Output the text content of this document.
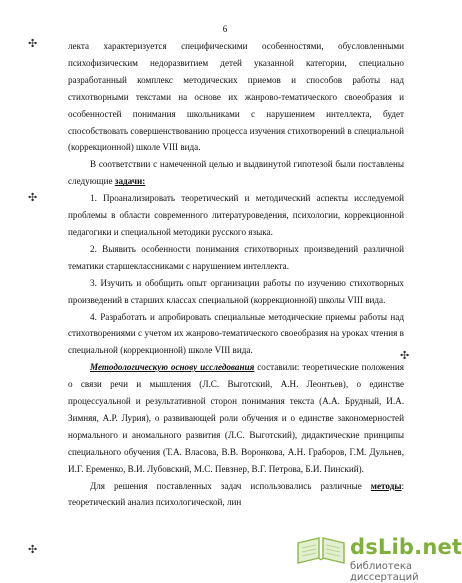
6
✣
✣
✣
✣

лекта характеризуется специфическими особенностями, обусловленными психофизическим недоразвитием детей указанной категории, специально разработанный комплекс методических приемов и способов работы над стихотворными текстами на основе их жанрово-тематического своеобразия и особенностей понимания школьниками с нарушением интеллекта, будет способствовать совершенствованию процесса изучения стихотворений в специальной (коррекционной) школе VIII вида.

В соответствии с намеченной целью и выдвинутой гипотезой были поставлены следующие задачи:

1. Проанализировать теоретический и методический аспекты исследуемой проблемы в области современного литературоведения, психологии, коррекционной педагогики и специальной методики русского языка.

2. Выявить особенности понимания стихотворных произведений различной тематики старшеклассниками с нарушением интеллекта.

3. Изучить и обобщить опыт организации работы по изучению стихотворных произведений в старших классах специальной (коррекционной) школы VIII вида.

4. Разработать и апробировать специальные методические приемы работы над стихотворениями с учетом их жанрово-тематического своеобразия на уроках чтения в специальной (коррекционной) школе VIII вида.

Методологическую основу исследования составили: теоретические положения о связи речи и мышления (Л.С. Выготский, А.Н. Леонтьев), о единстве процессуальной и результативной сторон понимания текста (А.А. Брудный, И.А. Зимняя, А.Р. Лурия), о развивающей роли обучения и о единстве закономерностей нормального и аномального развития (Л.С. Выготский), дидактические принципы специального обучения (Т.А. Власова, В.В. Воронкова, А.Н. Граборов, Г.М. Дульнев, И.Г. Еременко, В.И. Лубовский, М.С. Певзнер, В.Г. Петрова, Б.И. Пинский).

Для решения поставленных задач использовались различные методы: теоретический анализ психологической, лин

dsLib.net
библиотека диссертаций
